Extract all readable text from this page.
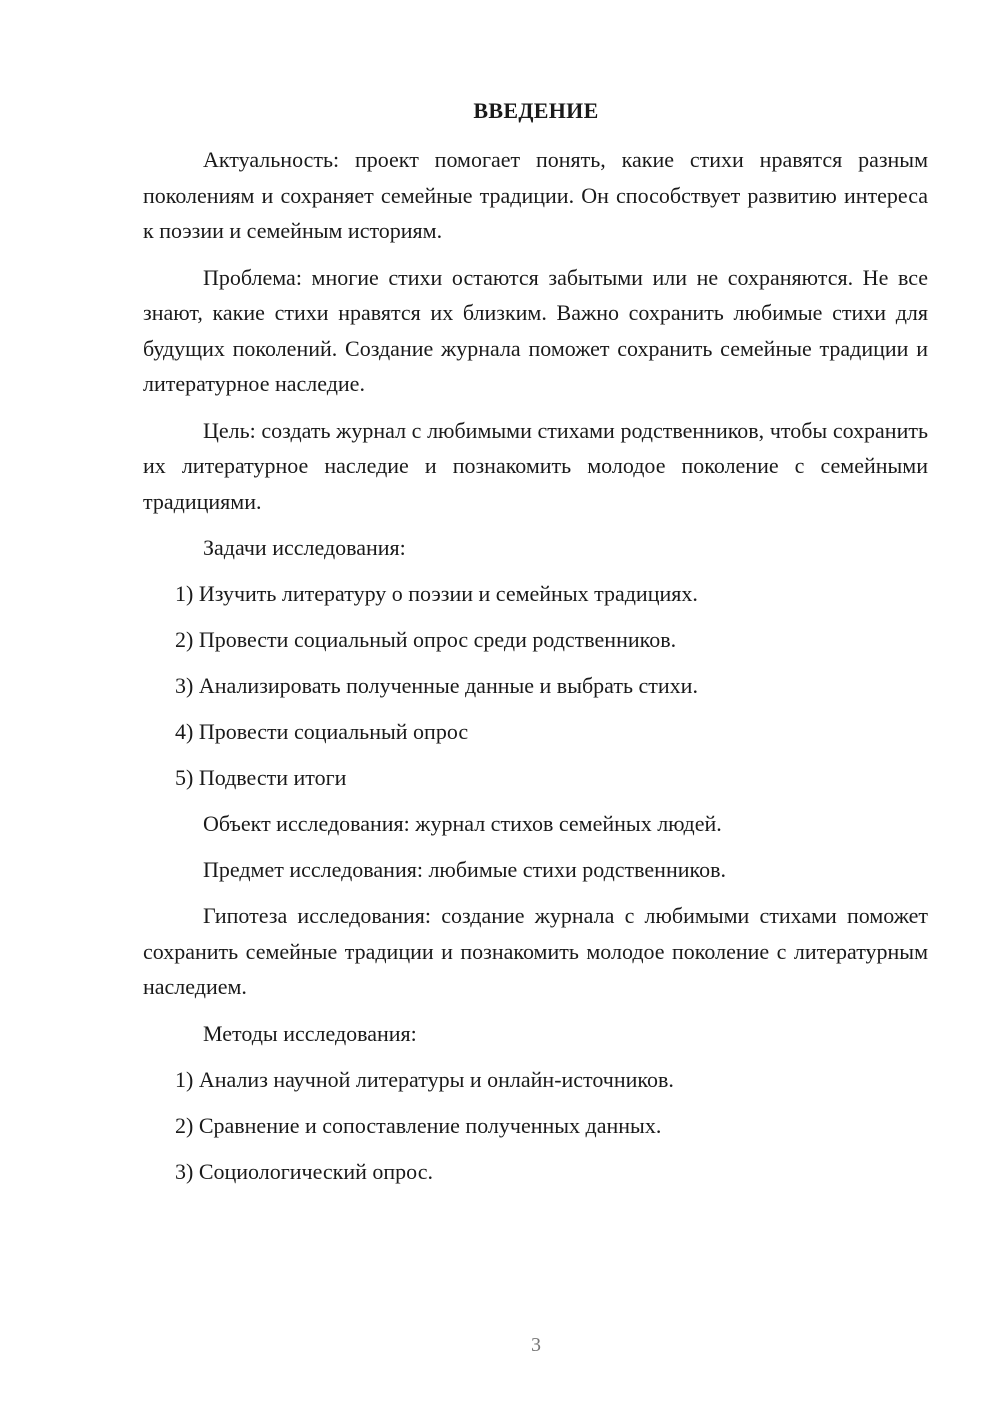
ВВЕДЕНИЕ

Актуальность: проект помогает понять, какие стихи нравятся разным поколениям и сохраняет семейные традиции. Он способствует развитию интереса к поэзии и семейным историям.

Проблема: многие стихи остаются забытыми или не сохраняются. Не все знают, какие стихи нравятся их близким. Важно сохранить любимые стихи для будущих поколений. Создание журнала поможет сохранить семейные традиции и литературное наследие.

Цель: создать журнал с любимыми стихами родственников, чтобы сохранить их литературное наследие и познакомить молодое поколение с семейными традициями.

Задачи исследования:

1) Изучить литературу о поэзии и семейных традициях.

2) Провести социальный опрос среди родственников.

3) Анализировать полученные данные и выбрать стихи.

4) Провести социальный опрос

5) Подвести итоги

Объект исследования: журнал стихов семейных людей.

Предмет исследования: любимые стихи родственников.

Гипотеза исследования: создание журнала с любимыми стихами поможет сохранить семейные традиции и познакомить молодое поколение с литературным наследием.

Методы исследования:

1) Анализ научной литературы и онлайн-источников.

2) Сравнение и сопоставление полученных данных.

3) Социологический опрос.

3
